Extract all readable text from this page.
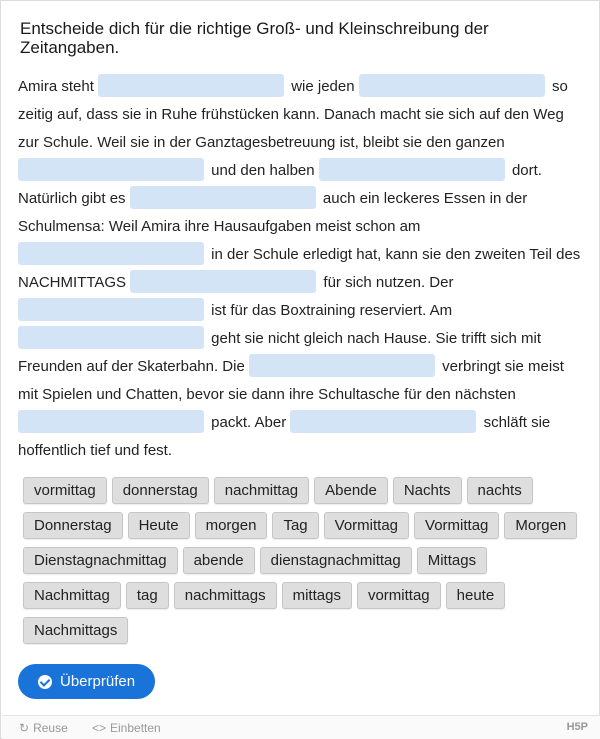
Entscheide dich für die richtige Groß- und Kleinschreibung der Zeitangaben.
Amira steht	wie jeden	so zeitig auf, dass sie in Ruhe frühstücken kann. Danach macht sie sich auf den Weg zur Schule. Weil sie in der Ganztagesbetreuung ist, bleibt sie den ganzen  und den halben	dort. Natürlich gibt es	auch ein leckeres Essen in der Schulmensa: Weil Amira ihre Hausaufgaben meist schon am  in der Schule erledigt hat, kann sie den zweiten Teil des NACHMITTAGS	für sich nutzen. Der  ist für das Boxtraining reserviert. Am  geht sie nicht gleich nach Hause. Sie trifft sich mit Freunden auf der Skaterbahn. Die	verbringt sie meist mit Spielen und Chatten, bevor sie dann ihre Schultasche für den nächsten  packt. Aber	schläft sie hoffentlich tief und fest.
vormittag donnerstag nachmittag Abende Nachts nachtsDonnerstag Heute morgen Tag Vormittag Vormittag MorgenDienstagnachmittag abende dienstagnachmittag MittagsNachmittag tag nachmittags mittags vormittag heuteNachmittags
Überprüfen
↻ Reuse <> Einbetten	H5P
